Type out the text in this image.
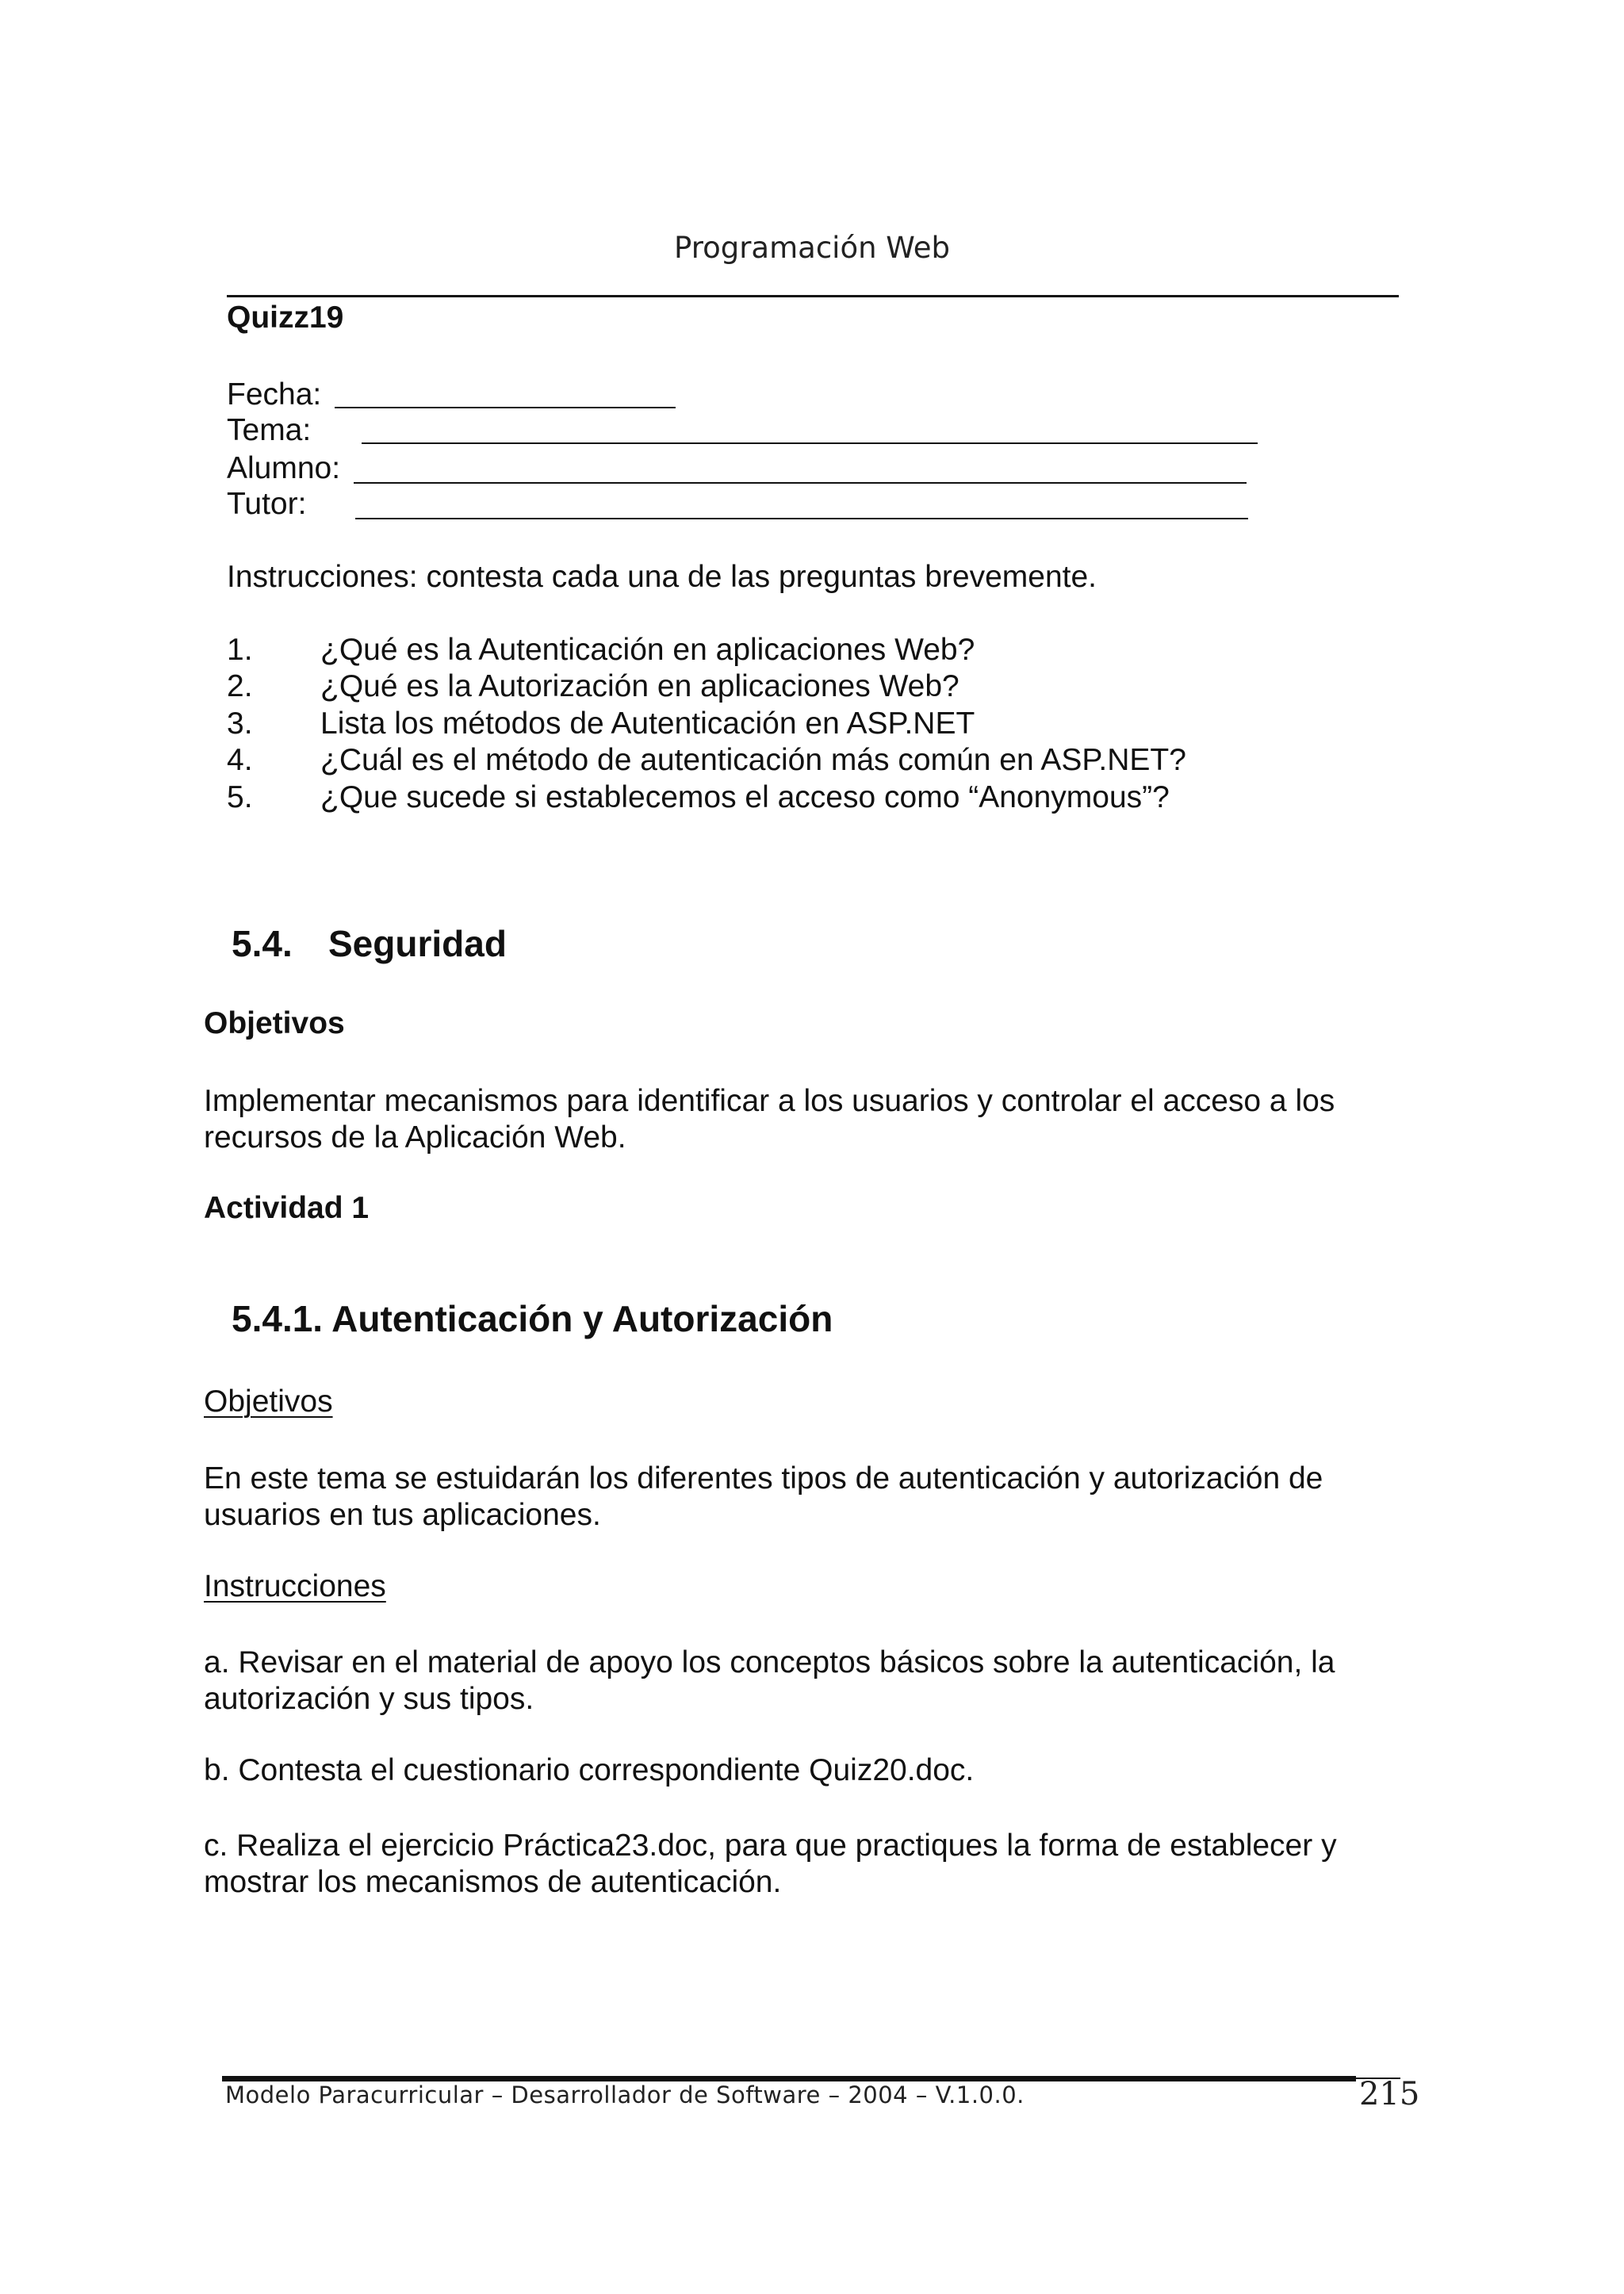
Programación Web
Quizz19
Fecha:
Tema:
Alumno:
Tutor:
Instrucciones: contesta cada una de las preguntas brevemente.
1.	¿Qué es la Autenticación en aplicaciones Web?
2.	¿Qué es la Autorización en aplicaciones Web?
3.	Lista los métodos de Autenticación en ASP.NET
4.	¿Cuál es el método de autenticación más común en ASP.NET?
5.	¿Que sucede si establecemos el acceso como “Anonymous”?
5.4. Seguridad
Objetivos
Implementar mecanismos para identificar a los usuarios y controlar el acceso a los
recursos de la Aplicación Web.
Actividad 1
5.4.1. Autenticación y Autorización
Objetivos
En este tema se estuidarán los diferentes tipos de autenticación y autorización de
usuarios en tus aplicaciones.
Instrucciones
a. Revisar en el material de apoyo los conceptos básicos sobre la autenticación, la
autorización y sus tipos.
b. Contesta el cuestionario correspondiente Quiz20.doc.
c. Realiza el ejercicio Práctica23.doc, para que practiques la forma de establecer y
mostrar los mecanismos de autenticación.
Modelo Paracurricular – Desarrollador de Software – 2004 – V.1.0.0.	215
